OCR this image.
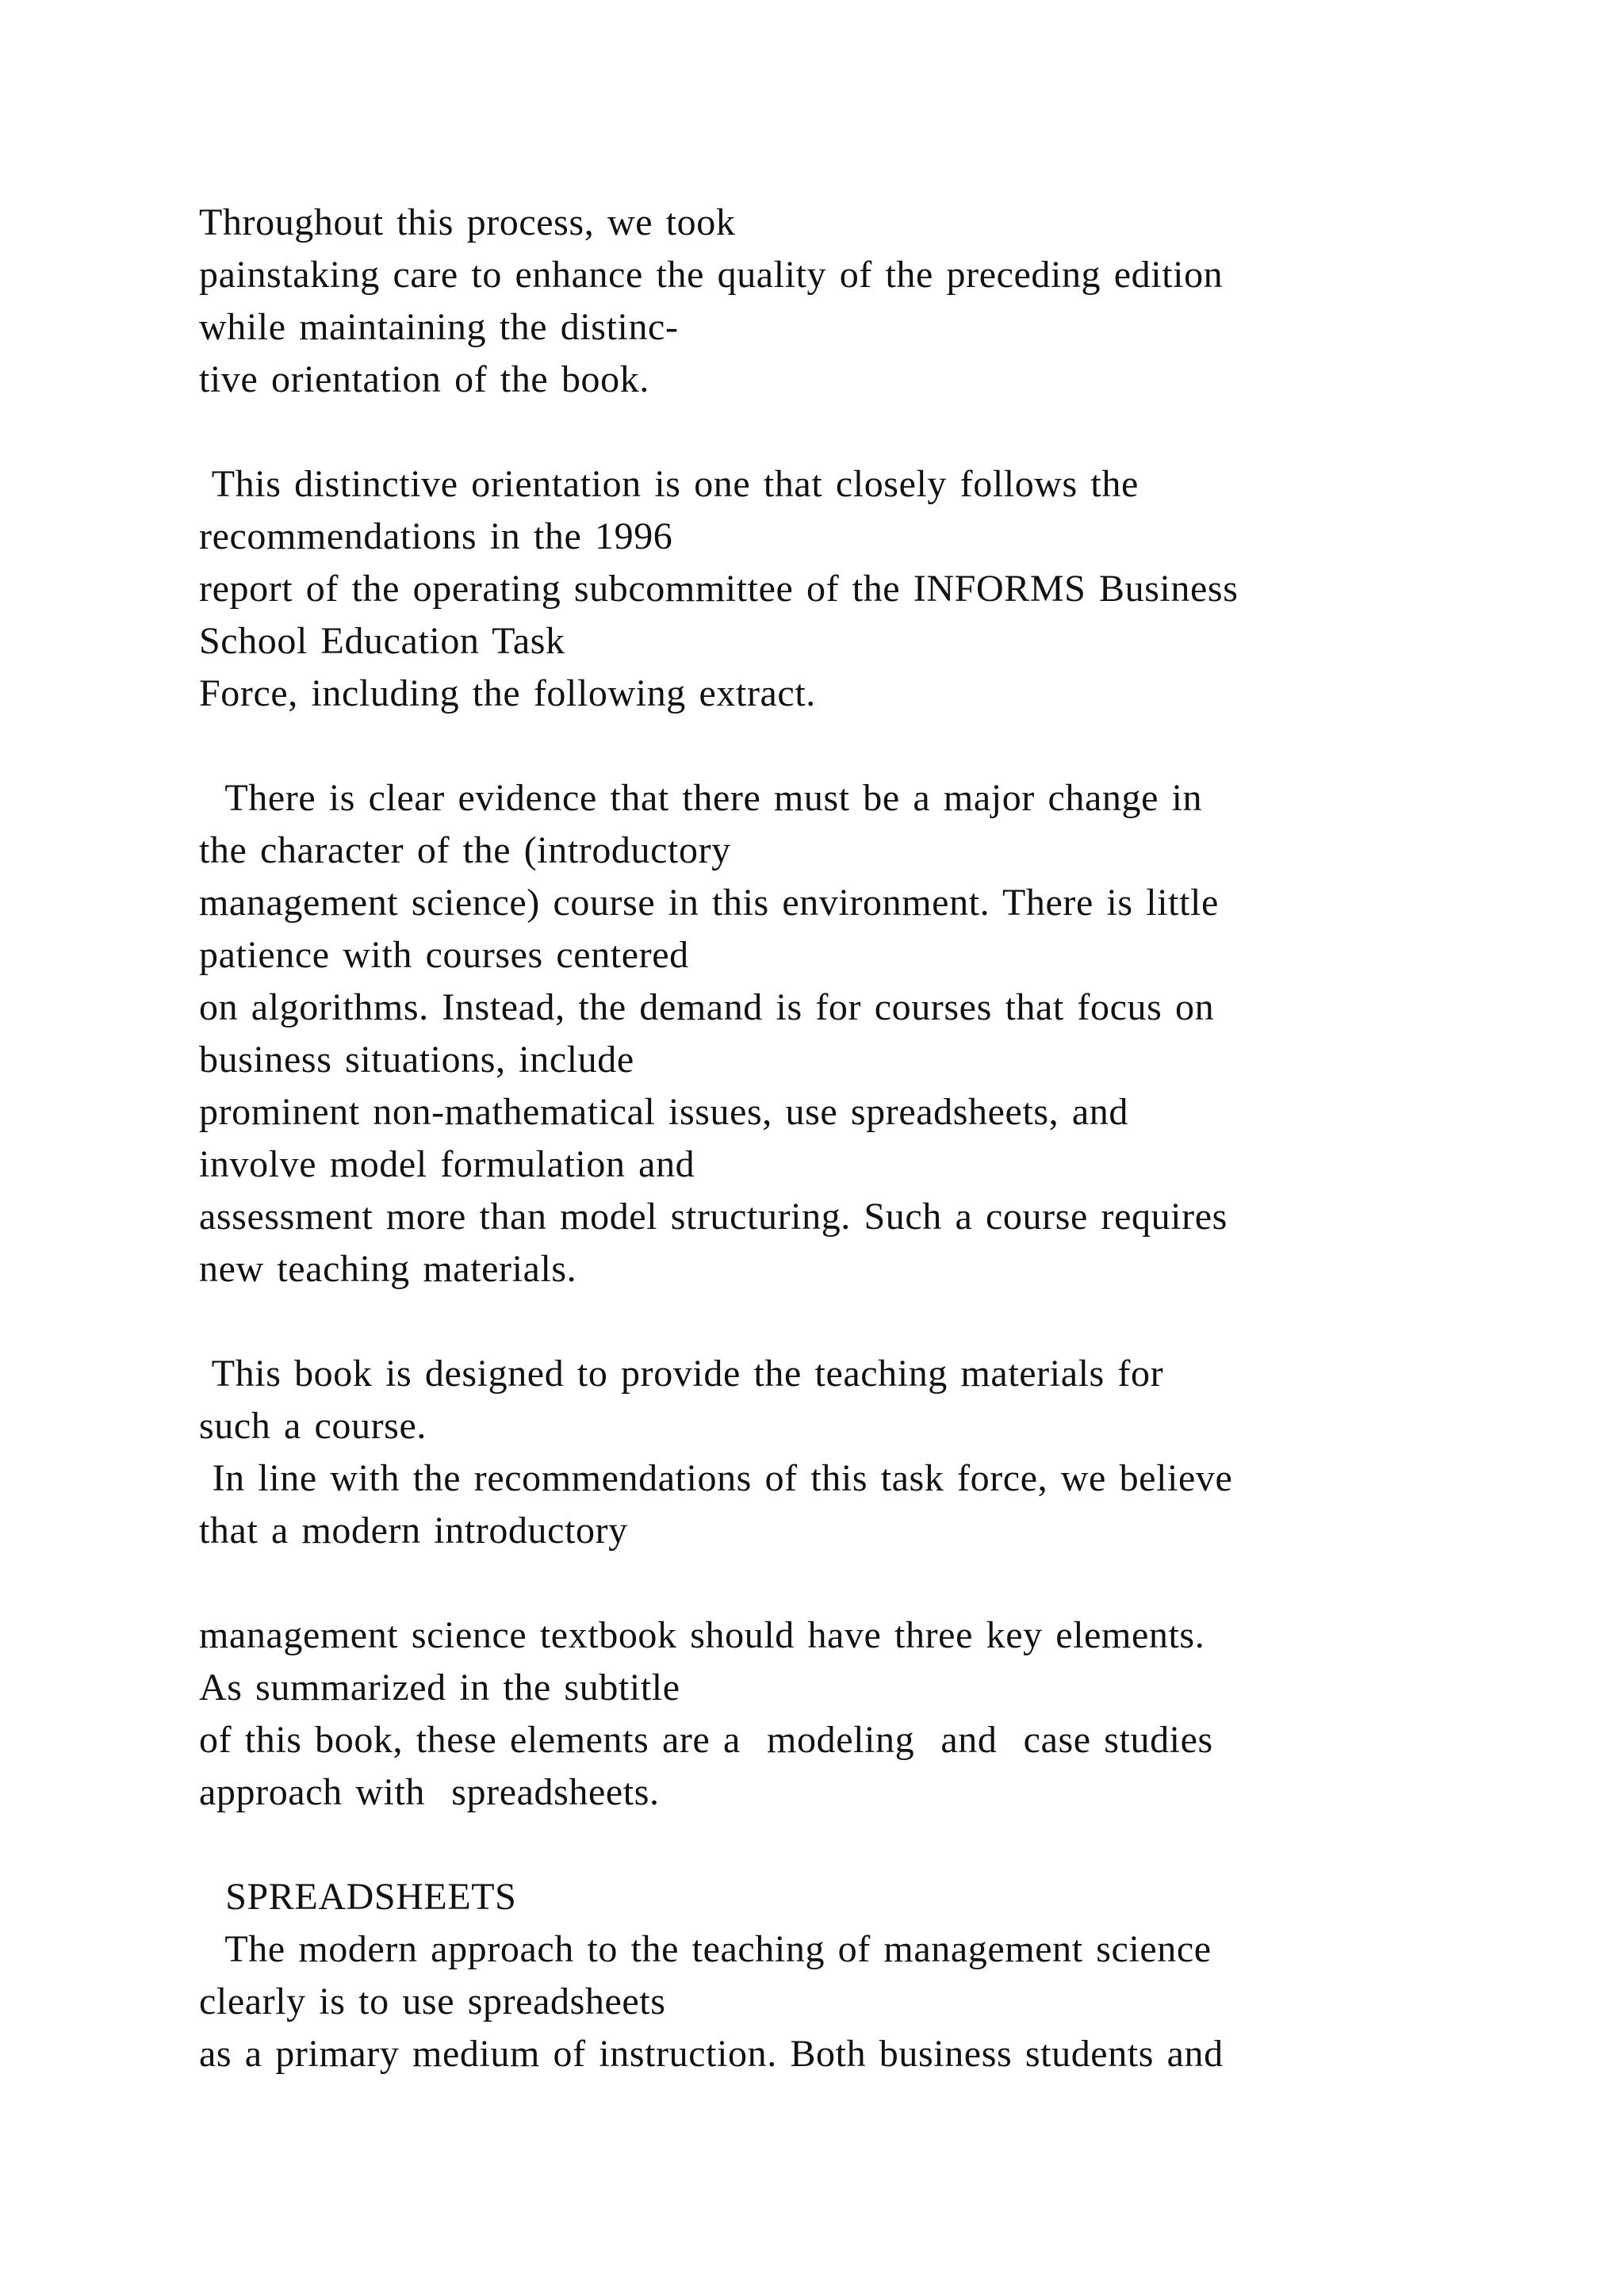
Throughout this process, we took
painstaking care to enhance the quality of the preceding edition
while maintaining the distinc-
tive orientation of the book.
This distinctive orientation is one that closely follows the
recommendations in the 1996
report of the operating subcommittee of the INFORMS Business
School Education Task
Force, including the following extract.
There is clear evidence that there must be a major change in
the character of the (introductory
management science) course in this environment. There is little
patience with courses centered
on algorithms. Instead, the demand is for courses that focus on
business situations, include
prominent non-mathematical issues, use spreadsheets, and
involve model formulation and
assessment more than model structuring. Such a course requires
new teaching materials.
This book is designed to provide the teaching materials for
such a course.
In line with the recommendations of this task force, we believe
that a modern introductory
management science textbook should have three key elements.
As summarized in the subtitle
of this book, these elements are a  modeling  and  case studies
approach with  spreadsheets.
SPREADSHEETS
The modern approach to the teaching of management science
clearly is to use spreadsheets
as a primary medium of instruction. Both business students and
